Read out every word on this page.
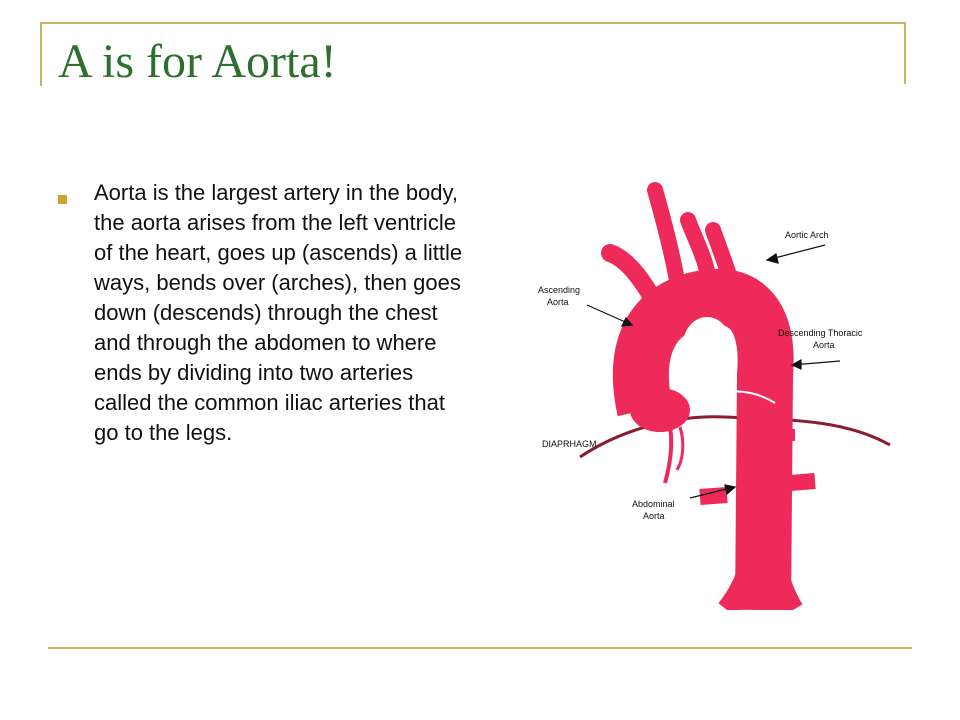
A is for Aorta!

Aorta is the largest artery in the body, the aorta arises from the left ventricle of the heart, goes up (ascends) a little ways, bends over (arches), then goes down (descends) through the chest and through the abdomen to where ends by dividing into two arteries called the common iliac arteries that go to the legs.

Aortic Arch
Ascending
Aorta
Descending Thoracic
Aorta
DIAPRHAGM
Abdominal
Aorta
